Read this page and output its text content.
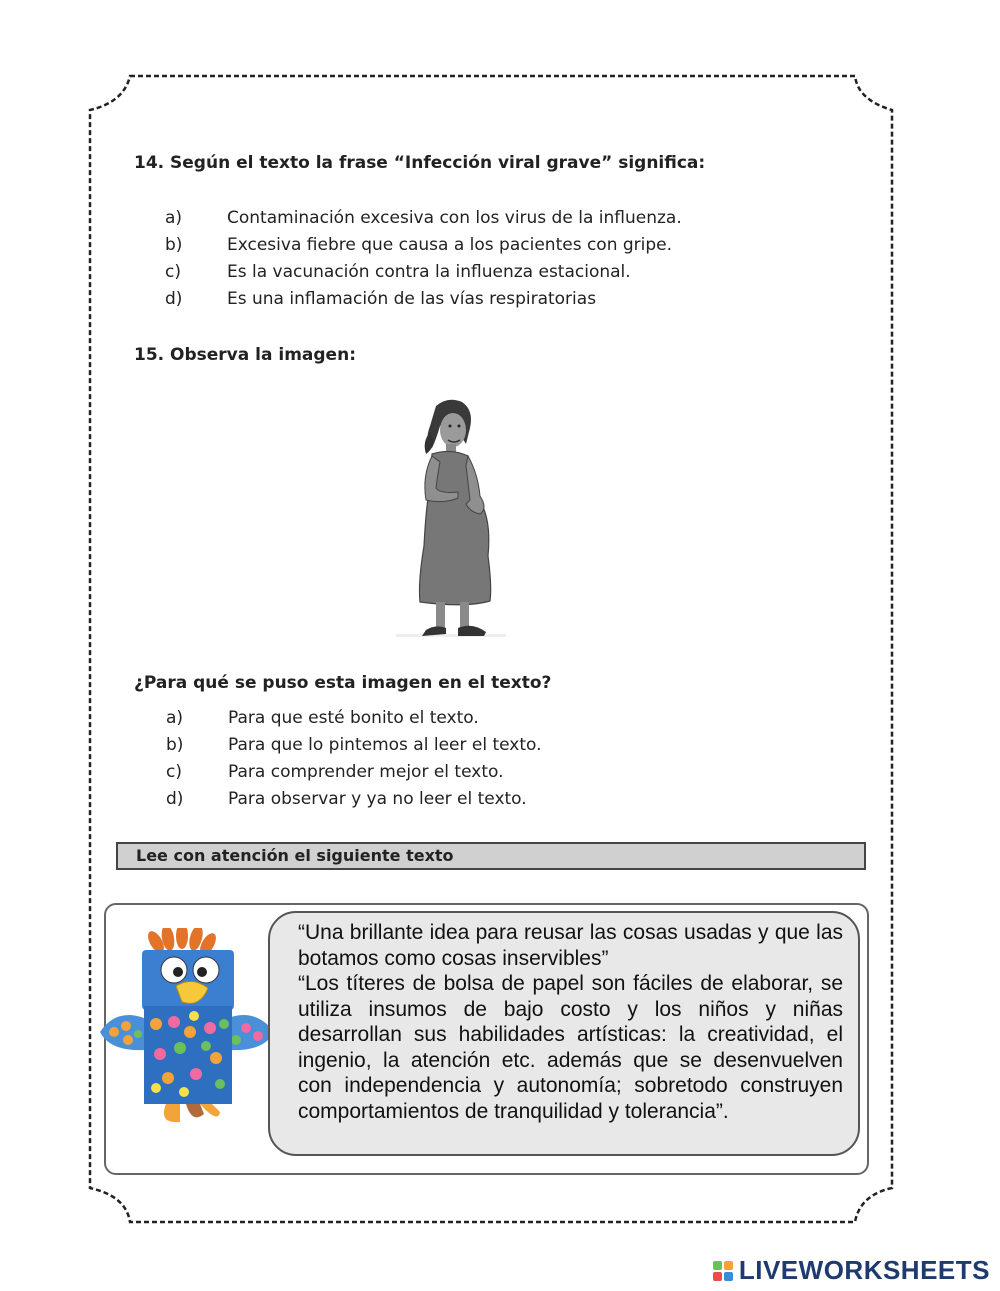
14. Según el texto la frase “Infección viral grave” significa:
a)	Contaminación excesiva con los virus de la influenza.
b)	Excesiva fiebre que causa a los pacientes con gripe.
c)	Es la vacunación contra la influenza estacional.
d)	Es una inflamación de las vías respiratorias
15. Observa la imagen:
¿Para qué se puso esta imagen en el texto?
a)	Para que esté bonito el texto.
b)	Para que lo pintemos al leer el texto.
c)	Para comprender mejor el texto.
d)	Para observar y ya no leer el texto.
Lee con atención el siguiente texto

“Una brillante idea para reusar las cosas usadas y que las botamos como cosas inservibles”

“Los títeres de bolsa de papel son fáciles de elaborar, se utiliza insumos de bajo costo y los niños y niñas desarrollan sus habilidades artísticas: la creatividad, el ingenio, la atención etc. además que se desenvuelven con independencia y autonomía; sobretodo construyen comportamientos de tranquilidad y tolerancia”.

LIVEWORKSHEETS
